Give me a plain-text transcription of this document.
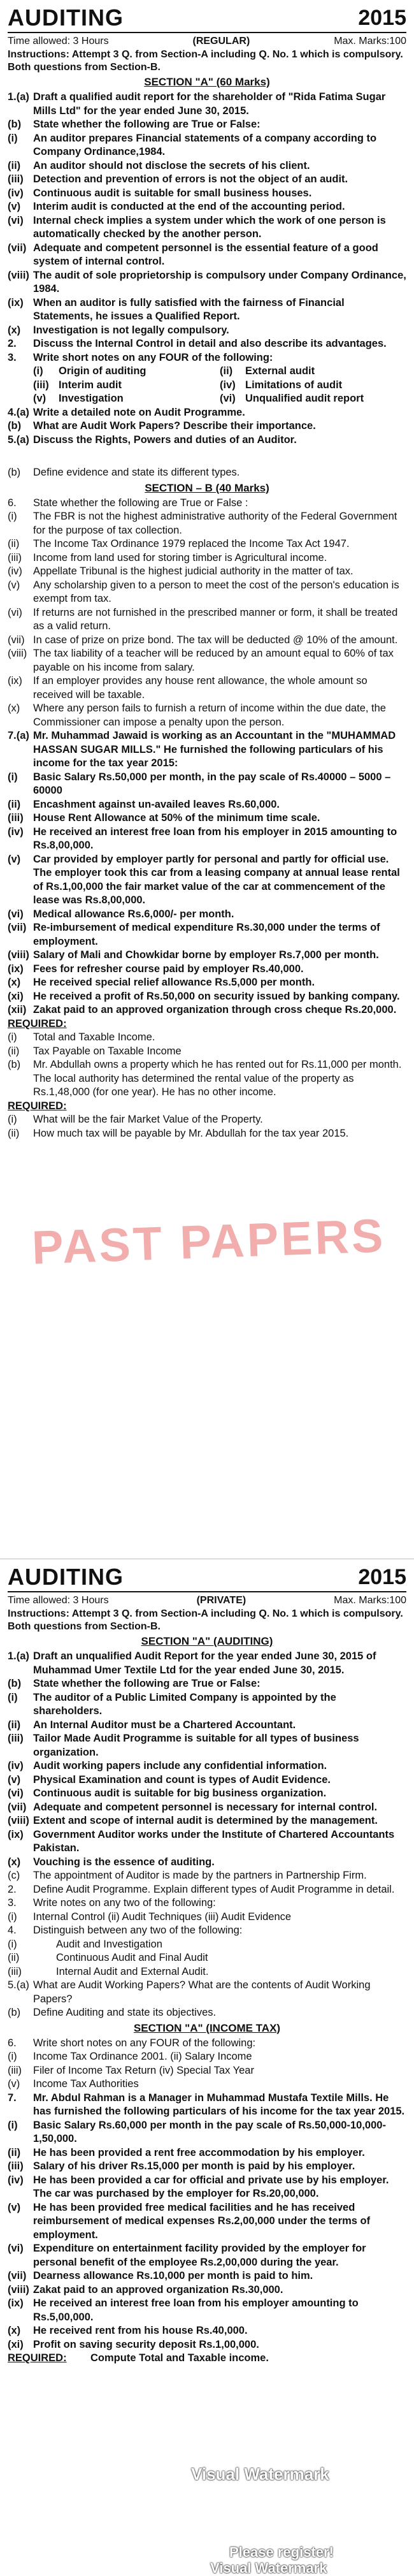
AUDITING	2015
Time allowed: 3 Hours	(REGULAR)	Max. Marks:100
Instructions: Attempt 3 Q. from Section-A including Q. No. 1 which is compulsory. Both questions from Section-B.
SECTION "A" (60 Marks)
1.(a) Draft a qualified audit report for the shareholder of "Rida Fatima Sugar Mills Ltd" for the year ended June 30, 2015.
(b)	State whether the following are True or False:
(i)	An auditor prepares Financial statements of a company according to Company Ordinance,1984.
(ii)	An auditor should not disclose the secrets of his client.
(iii) Detection and prevention of errors is not the object of an audit.
(iv) Continuous audit is suitable for small business houses.
(v)	Interim audit is conducted at the end of the accounting period.
(vi) Internal check implies a system under which the work of one person is automatically checked by the another person.
(vii) Adequate and competent personnel is the essential feature of a good system of internal control.
(viii) The audit of sole proprietorship is compulsory under Company Ordinance, 1984.
(ix) When an auditor is fully satisfied with the fairness of Financial Statements, he issues a Qualified Report.
(x)	Investigation is not legally compulsory.
2.	Discuss the Internal Control in detail and also describe its advantages.
3.	Write short notes on any FOUR of the following:
(i)	Origin of auditing	(ii)	External audit
(iii) Interim audit	(iv) Limitations of audit
(v)	Investigation	(vi) Unqualified audit report
4.(a) Write a detailed note on Audit Programme.
(b)	What are Audit Work Papers? Describe their importance.
5.(a) Discuss the Rights, Powers and duties of an Auditor.
(b)	Define evidence and state its different types.
SECTION – B (40 Marks)
6.	State whether the following are True or False :
(i)	The FBR is not the highest administrative authority of the Federal Government for the purpose of tax collection.
(ii)	The Income Tax Ordinance 1979 replaced the Income Tax Act 1947.
(iii)	Income from land used for storing timber is Agricultural income.
(iv)	Appellate Tribunal is the highest judicial authority in the matter of tax.
(v)	Any scholarship given to a person to meet the cost of the person's education is exempt from tax.
(vi)	If returns are not furnished in the prescribed manner or form, it shall be treated as a valid return.
(vii) In case of prize on prize bond. The tax will be deducted @ 10% of the amount.
(viii) The tax liability of a teacher will be reduced by an amount equal to 60% of tax payable on his income from salary.
(ix)	If an employer provides any house rent allowance, the whole amount so received will be taxable.
(x)	Where any person fails to furnish a return of income within the due date, the Commissioner can impose a penalty upon the person.
7.(a) Mr. Muhammad Jawaid is working as an Accountant in the "MUHAMMAD HASSAN SUGAR MILLS." He furnished the following particulars of his income for the tax year 2015:
(i)	Basic Salary Rs.50,000 per month, in the pay scale of Rs.40000 – 5000 – 60000
(ii)	Encashment against un-availed leaves Rs.60,000.
(iii) House Rent Allowance at 50% of the minimum time scale.
(iv) He received an interest free loan from his employer in 2015 amounting to Rs.8,00,000.
(v)	Car provided by employer partly for personal and partly for official use. The employer took this car from a leasing company at annual lease rental of Rs.1,00,000 the fair market value of the car at commencement of the lease was Rs.8,00,000.
(vi) Medical allowance Rs.6,000/- per month.
(vii) Re-imbursement of medical expenditure Rs.30,000 under the terms of employment.
(viii) Salary of Mali and Chowkidar borne by employer Rs.7,000 per month.
(ix) Fees for refresher course paid by employer Rs.40,000.
(x)	He received special relief allowance Rs.5,000 per month.
(xi) He received a profit of Rs.50,000 on security issued by banking company.
(xii) Zakat paid to an approved organization through cross cheque Rs.20,000.
REQUIRED:
(i)	Total and Taxable Income.
(ii)	Tax Payable on Taxable Income
(b)	Mr. Abdullah owns a property which he has rented out for Rs.11,000 per month. The local authority has determined the rental value of the property as Rs.1,48,000 (for one year). He has no other income.
REQUIRED:
(i)	What will be the fair Market Value of the Property.
(ii)	How much tax will be payable by Mr. Abdullah for the tax year 2015.
PAST PAPERS
AUDITING	2015
Time allowed: 3 Hours	(PRIVATE)	Max. Marks:100
Instructions: Attempt 3 Q. from Section-A including Q. No. 1 which is compulsory. Both questions from Section-B.
SECTION "A" (AUDITING)
1.(a) Draft an unqualified Audit Report for the year ended June 30, 2015 of Muhammad Umer Textile Ltd for the year ended June 30, 2015.
(b)	State whether the following are True or False:
(i)	The auditor of a Public Limited Company is appointed by the shareholders.
(ii)	An Internal Auditor must be a Chartered Accountant.
(iii) Tailor Made Audit Programme is suitable for all types of business organization.
(iv) Audit working papers include any confidential information.
(v)	Physical Examination and count is types of Audit Evidence.
(vi) Continuous audit is suitable for big business organization.
(vii) Adequate and competent personnel is necessary for internal control.
(viii) Extent and scope of internal audit is determined by the management.
(ix) Government Auditor works under the Institute of Chartered Accountants Pakistan.
(x)	Vouching is the essence of auditing.
(c)	The appointment of Auditor is made by the partners in Partnership Firm.
2.	Define Audit Programme. Explain different types of Audit Programme in detail.
3.	Write notes on any two of the following:
(i)	Internal Control (ii) Audit Techniques (iii) Audit Evidence
4.	Distinguish between any two of the following:
(i)	Audit and Investigation
(ii)	Continuous Audit and Final Audit
(iii)	Internal Audit and External Audit.
5.(a) What are Audit Working Papers? What are the contents of Audit Working Papers?
(b)	Define Auditing and state its objectives.
SECTION "A" (INCOME TAX)
6.	Write short notes on any FOUR of the following:
(i)	Income Tax Ordinance 2001. (ii) Salary Income
(iii)	Filer of Income Tax Return (iv) Special Tax Year
(v)	Income Tax Authorities
7.	Mr. Abdul Rahman is a Manager in Muhammad Mustafa Textile Mills. He has furnished the following particulars of his income for the tax year 2015.
(i)	Basic Salary Rs.60,000 per month in the pay scale of Rs.50,000-10,000-1,50,000.
(ii)	He has been provided a rent free accommodation by his employer.
(iii) Salary of his driver Rs.15,000 per month is paid by his employer.
(iv) He has been provided a car for official and private use by his employer. The car was purchased by the employer for Rs.20,00,000.
(v)	He has been provided free medical facilities and he has received reimbursement of medical expenses Rs.2,00,000 under the terms of employment.
(vi) Expenditure on entertainment facility provided by the employer for personal benefit of the employee Rs.2,00,000 during the year.
(vii) Dearness allowance Rs.10,000 per month is paid to him.
(viii) Zakat paid to an approved organization Rs.30,000.
(ix) He received an interest free loan from his employer amounting to Rs.5,00,000.
(x)	He received rent from his house Rs.40,000.
(xi) Profit on saving security deposit Rs.1,00,000.
REQUIRED:	Compute Total and Taxable income.
Visual Watermark
Please register!
Visual Watermark
